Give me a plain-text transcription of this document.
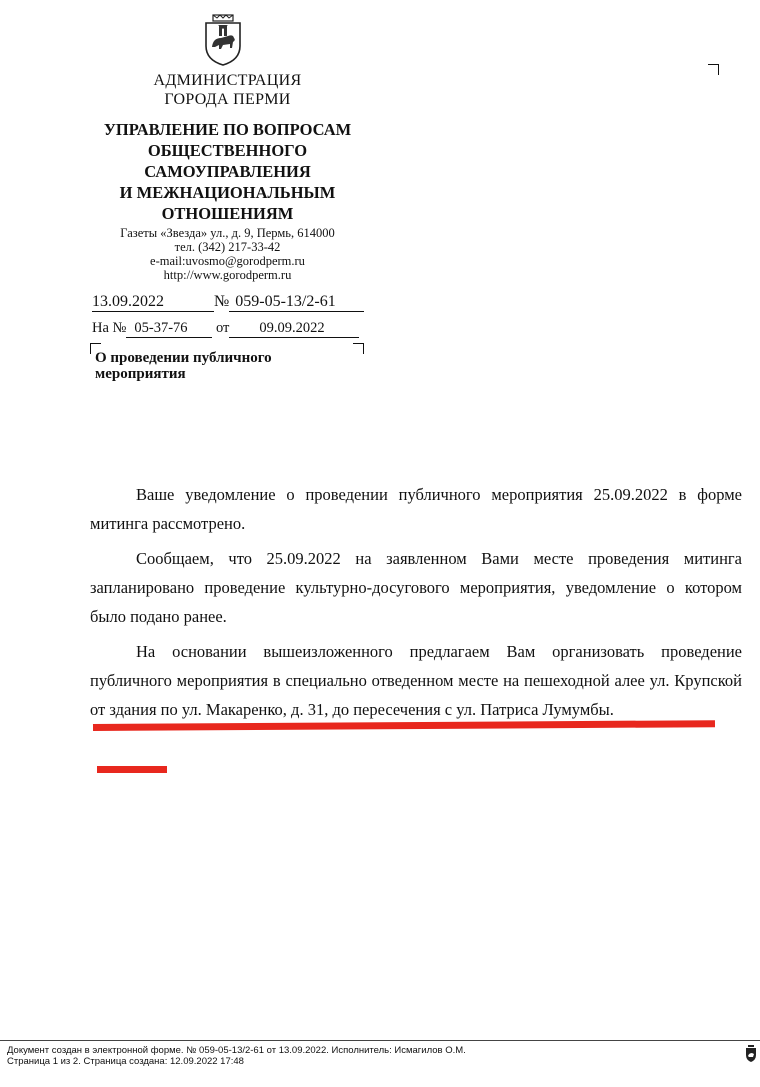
АДМИНИСТРАЦИЯ
ГОРОДА ПЕРМИ
УПРАВЛЕНИЕ ПО ВОПРОСАМ
ОБЩЕСТВЕННОГО
САМОУПРАВЛЕНИЯ
И МЕЖНАЦИОНАЛЬНЫМ
ОТНОШЕНИЯМ
Газеты «Звезда» ул., д. 9, Пермь, 614000
тел. (342) 217-33-42
e-mail:uvosmo@gorodperm.ru
http://www.gorodperm.ru
13.09.2022	№ 059-05-13/2-61
На № 05-37-76 от 09.09.2022
О проведении публичного мероприятия

Ваше уведомление о проведении публичного мероприятия 25.09.2022 в форме митинга рассмотрено.

Сообщаем, что 25.09.2022 на заявленном Вами месте проведения митинга запланировано проведение культурно-досугового мероприятия, уведомление о котором было подано ранее.

На основании вышеизложенного предлагаем Вам организовать проведение публичного мероприятия в специально отведенном месте на пешеходной алее ул. Крупской от здания по ул. Макаренко, д. 31, до пересечения с ул. Патриса Лумумбы.

Документ создан в электронной форме. № 059-05-13/2-61 от 13.09.2022. Исполнитель: Исмагилов О.М.
Страница 1 из 2. Страница создана: 12.09.2022 17:48
